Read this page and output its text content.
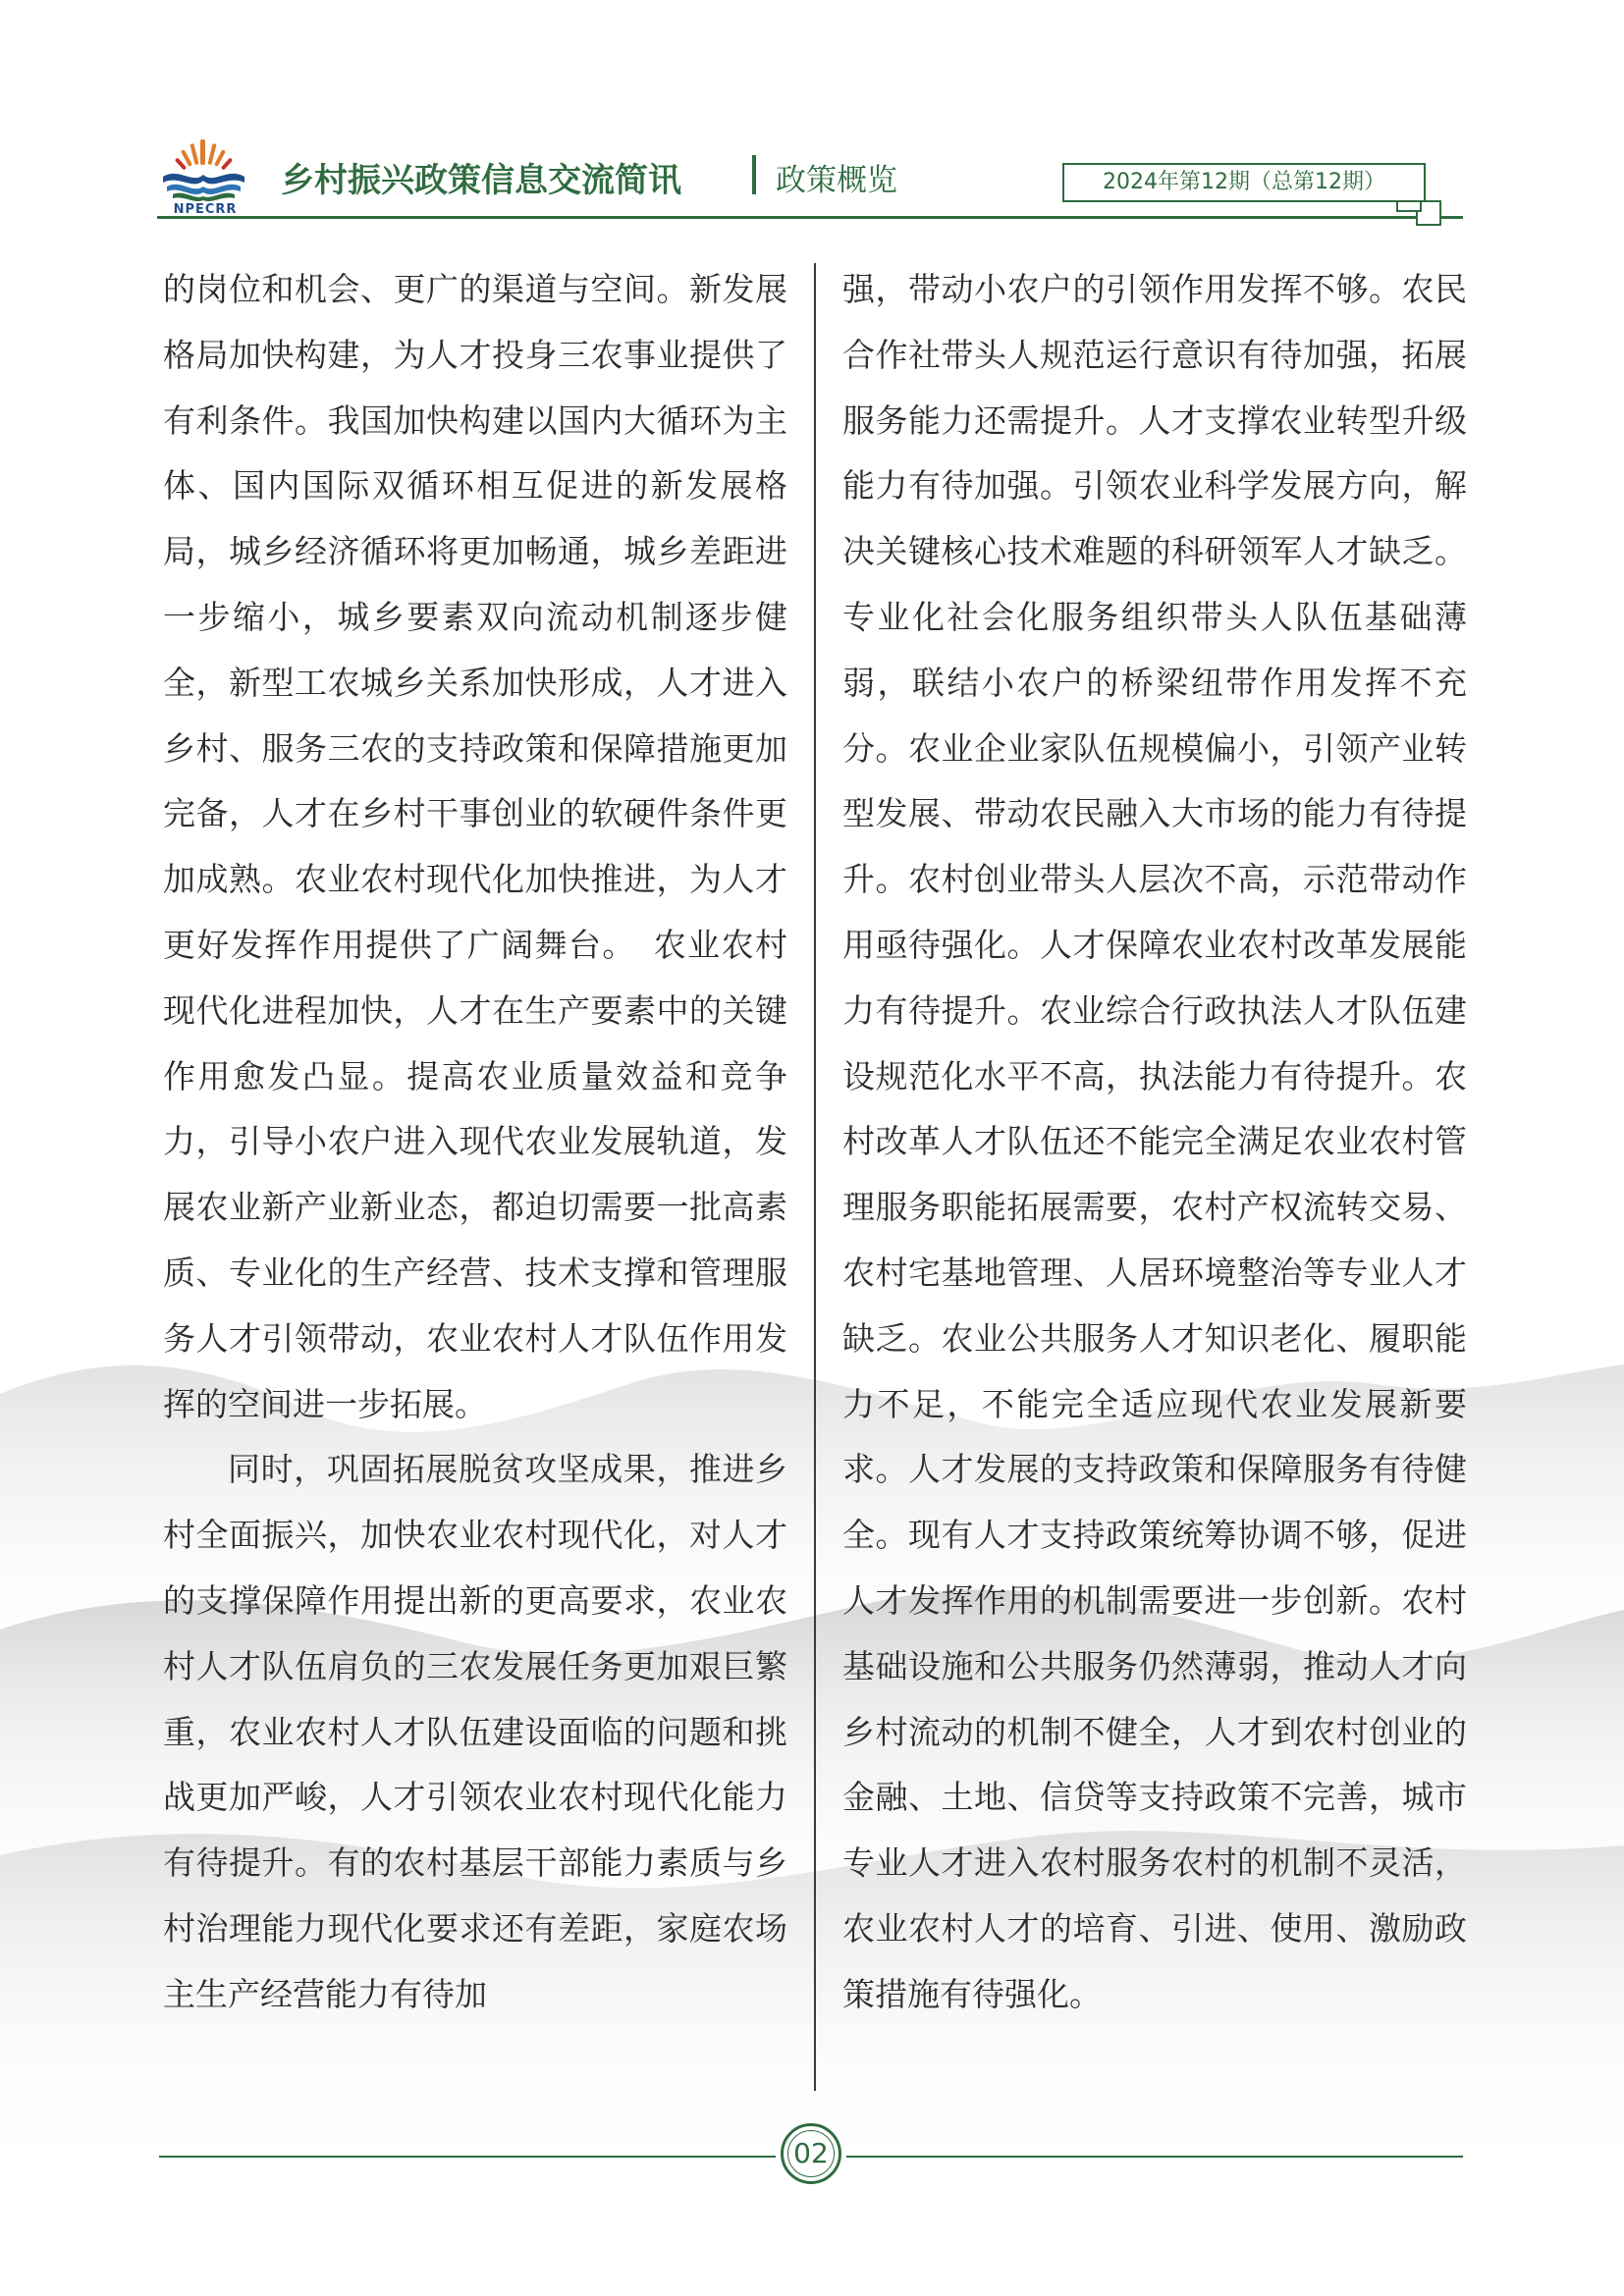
NPECRR
乡村振兴政策信息交流简讯	政策概览	2024年第12期（总第12期）

的岗位和机会、更广的渠道与空间。新发展格局加快构建，为人才投身三农事业提供了有利条件。我国加快构建以国内大循环为主体、国内国际双循环相互促进的新发展格局，城乡经济循环将更加畅通，城乡差距进一步缩小，城乡要素双向流动机制逐步健全，新型工农城乡关系加快形成，人才进入乡村、服务三农的支持政策和保障措施更加完备，人才在乡村干事创业的软硬件条件更加成熟。农业农村现代化加快推进，为人才更好发挥作用提供了广阔舞台。　农业农村现代化进程加快，人才在生产要素中的关键作用愈发凸显。提高农业质量效益和竞争力，引导小农户进入现代农业发展轨道，发展农业新产业新业态，都迫切需要一批高素质、专业化的生产经营、技术支撑和管理服务人才引领带动，农业农村人才队伍作用发挥的空间进一步拓展。

同时，巩固拓展脱贫攻坚成果，推进乡村全面振兴，加快农业农村现代化，对人才的支撑保障作用提出新的更高要求，农业农村人才队伍肩负的三农发展任务更加艰巨繁重，农业农村人才队伍建设面临的问题和挑战更加严峻，人才引领农业农村现代化能力有待提升。有的农村基层干部能力素质与乡村治理能力现代化要求还有差距，家庭农场主生产经营能力有待加

强，带动小农户的引领作用发挥不够。农民合作社带头人规范运行意识有待加强，拓展服务能力还需提升。人才支撑农业转型升级能力有待加强。引领农业科学发展方向，解决关键核心技术难题的科研领军人才缺乏。专业化社会化服务组织带头人队伍基础薄弱，联结小农户的桥梁纽带作用发挥不充分。农业企业家队伍规模偏小，引领产业转型发展、带动农民融入大市场的能力有待提升。农村创业带头人层次不高，示范带动作用亟待强化。人才保障农业农村改革发展能力有待提升。农业综合行政执法人才队伍建设规范化水平不高，执法能力有待提升。农村改革人才队伍还不能完全满足农业农村管理服务职能拓展需要，农村产权流转交易、农村宅基地管理、人居环境整治等专业人才缺乏。农业公共服务人才知识老化、履职能力不足，不能完全适应现代农业发展新要求。人才发展的支持政策和保障服务有待健全。现有人才支持政策统筹协调不够，促进人才发挥作用的机制需要进一步创新。农村基础设施和公共服务仍然薄弱，推动人才向乡村流动的机制不健全，人才到农村创业的金融、土地、信贷等支持政策不完善，城市专业人才进入农村服务农村的机制不灵活，农业农村人才的培育、引进、使用、激励政策措施有待强化。

02
